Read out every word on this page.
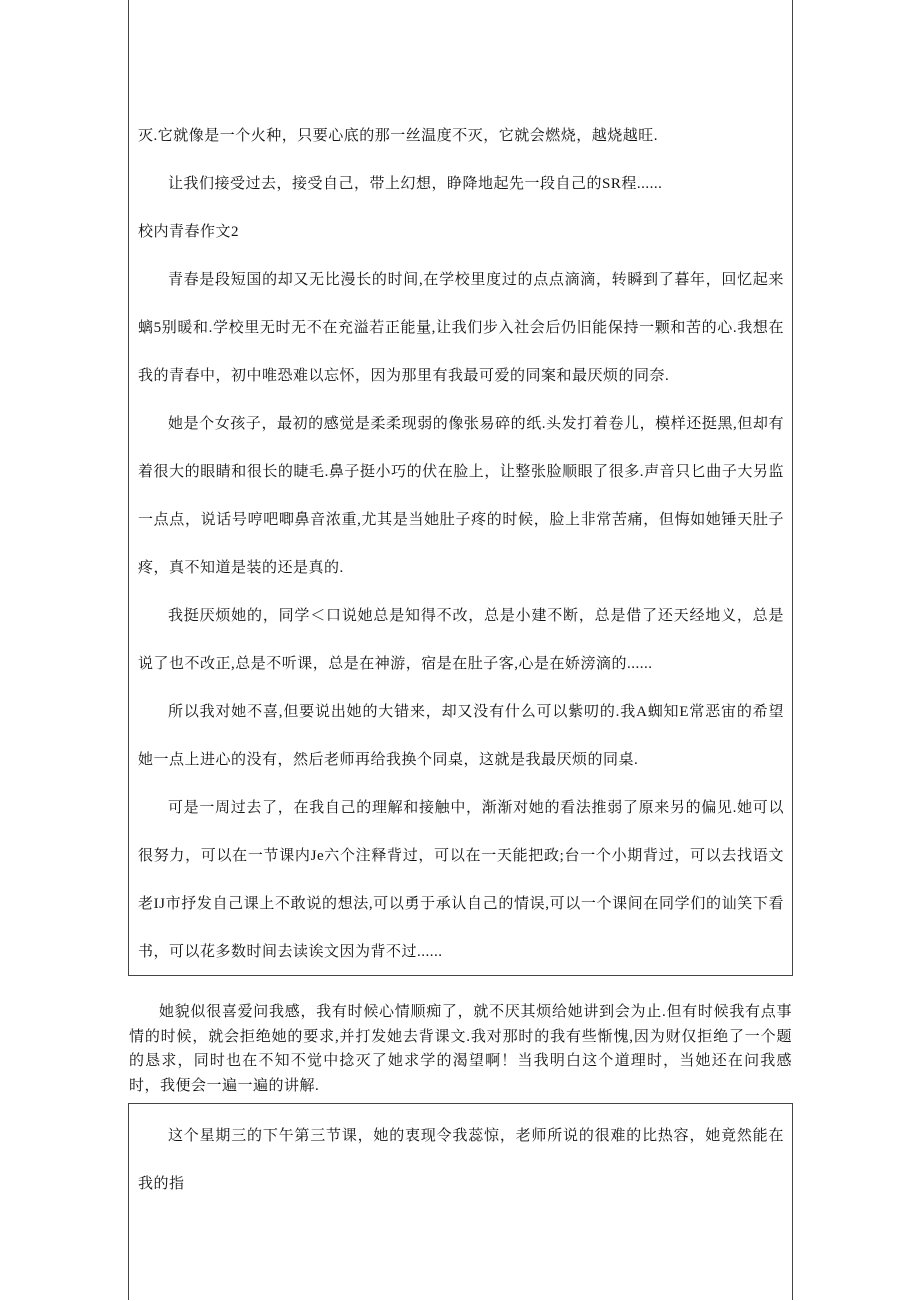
灭.它就像是一个火种，只要心底的那一丝温度不灭，它就会燃烧，越烧越旺.

让我们接受过去，接受自己，带上幻想，睁降地起先一段自己的SR程......

校内青春作文2

青春是段短国的却又无比漫长的时间,在学校里度过的点点滴滴，转瞬到了暮年，回忆起来螭5别暖和.学校里无时无不在充溢若正能量,让我们步入社会后仍旧能保持一颗和苦的心.我想在我的青春中，初中唯恐难以忘怀，因为那里有我最可爱的同案和最厌烦的同奈.

她是个女孩子，最初的感觉是柔柔现弱的像张易碎的纸.头发打着卷儿，模样还挺黑,但却有着很大的眼睛和很长的睫毛.鼻子挺小巧的伏在脸上，让整张脸顺眼了很多.声音只匕曲子大另监一点点，说话号哼吧唧鼻音浓重,尤其是当她肚子疼的时候，脸上非常苦痛，但悔如她锤天肚子疼，真不知道是装的还是真的.

我挺厌烦她的，同学＜口说她总是知得不改，总是小建不断，总是借了还天经地义，总是说了也不改正,总是不听课，总是在神游，宿是在肚子客,心是在娇滂滴的......

所以我对她不喜,但要说出她的大错来，却又没有什么可以紫叨的.我A蜘知E常恶宙的希望她一点上进心的没有，然后老师再给我换个同桌，这就是我最厌烦的同桌.

可是一周过去了，在我自己的理解和接触中，渐渐对她的看法推弱了原来另的偏见.她可以很努力，可以在一节课内Je六个注释背过，可以在一天能把政;台一个小期背过，可以去找语文老IJ市抒发自己课上不敢说的想法,可以勇于承认自己的情误,可以一个课间在同学们的讪笑下看书，可以花多数时间去读诶文因为背不过......

她貌似很喜爱问我感，我有时候心情顺痴了，就不厌其烦给她讲到会为止.但有时候我有点事情的时候，就会拒绝她的要求,并打发她去背课文.我对那时的我有些惭愧,因为财仅拒绝了一个题的恳求，同时也在不知不觉中捻灭了她求学的渴望啊！当我明白这个道理时，当她还在问我感时，我便会一遍一遍的讲解.

这个星期三的下午第三节课，她的衷现令我蕊惊，老师所说的很难的比热容，她竟然能在我的指
